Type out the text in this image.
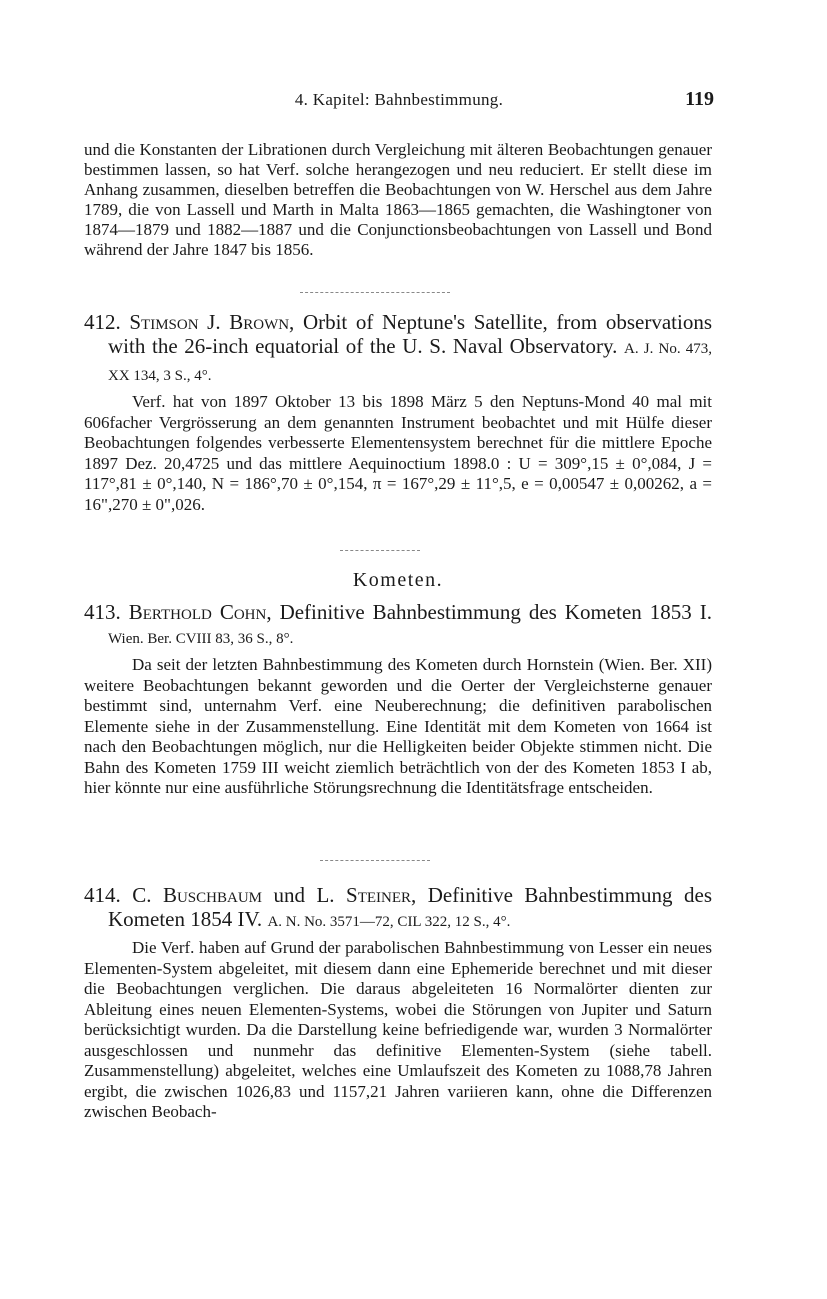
4. Kapitel: Bahnbestimmung.	119

und die Konstanten der Librationen durch Vergleichung mit älteren Beobachtungen genauer bestimmen lassen, so hat Verf. solche herangezogen und neu reduciert. Er stellt diese im Anhang zusammen, dieselben betreffen die Beobachtungen von W. Herschel aus dem Jahre 1789, die von Lassell und Marth in Malta 1863—1865 gemachten, die Washingtoner von 1874—1879 und 1882—1887 und die Conjunctionsbeobachtungen von Lassell und Bond während der Jahre 1847 bis 1856.

412. Stimson J. Brown, Orbit of Neptune's Satellite, from observations with the 26-inch equatorial of the U. S. Naval Observatory. A. J. No. 473, XX 134, 3 S., 4°.

Verf. hat von 1897 Oktober 13 bis 1898 März 5 den Neptuns-Mond 40 mal mit 606facher Vergrösserung an dem genannten Instrument beobachtet und mit Hülfe dieser Beobachtungen folgendes verbesserte Elementensystem berechnet für die mittlere Epoche 1897 Dez. 20,4725 und das mittlere Aequinoctium 1898.0 : U = 309°,15 ± 0°,084, J = 117°,81 ± 0°,140, N = 186°,70 ± 0°,154, π = 167°,29 ± 11°,5, e = 0,00547 ± 0,00262, a = 16",270 ± 0",026.

Kometen.

413. Berthold Cohn, Definitive Bahnbestimmung des Kometen 1853 I. Wien. Ber. CVIII 83, 36 S., 8°.

Da seit der letzten Bahnbestimmung des Kometen durch Hornstein (Wien. Ber. XII) weitere Beobachtungen bekannt geworden und die Oerter der Vergleichsterne genauer bestimmt sind, unternahm Verf. eine Neuberechnung; die definitiven parabolischen Elemente siehe in der Zusammenstellung. Eine Identität mit dem Kometen von 1664 ist nach den Beobachtungen möglich, nur die Helligkeiten beider Objekte stimmen nicht. Die Bahn des Kometen 1759 III weicht ziemlich beträchtlich von der des Kometen 1853 I ab, hier könnte nur eine ausführliche Störungsrechnung die Identitätsfrage entscheiden.

414. C. Buschbaum und L. Steiner, Definitive Bahnbestimmung des Kometen 1854 IV. A. N. No. 3571—72, CIL 322, 12 S., 4°.

Die Verf. haben auf Grund der parabolischen Bahnbestimmung von Lesser ein neues Elementen-System abgeleitet, mit diesem dann eine Ephemeride berechnet und mit dieser die Beobachtungen verglichen. Die daraus abgeleiteten 16 Normalörter dienten zur Ableitung eines neuen Elementen-Systems, wobei die Störungen von Jupiter und Saturn berücksichtigt wurden. Da die Darstellung keine befriedigende war, wurden 3 Normalörter ausgeschlossen und nunmehr das definitive Elementen-System (siehe tabell. Zusammenstellung) abgeleitet, welches eine Umlaufszeit des Kometen zu 1088,78 Jahren ergibt, die zwischen 1026,83 und 1157,21 Jahren variieren kann, ohne die Differenzen zwischen Beobach-
